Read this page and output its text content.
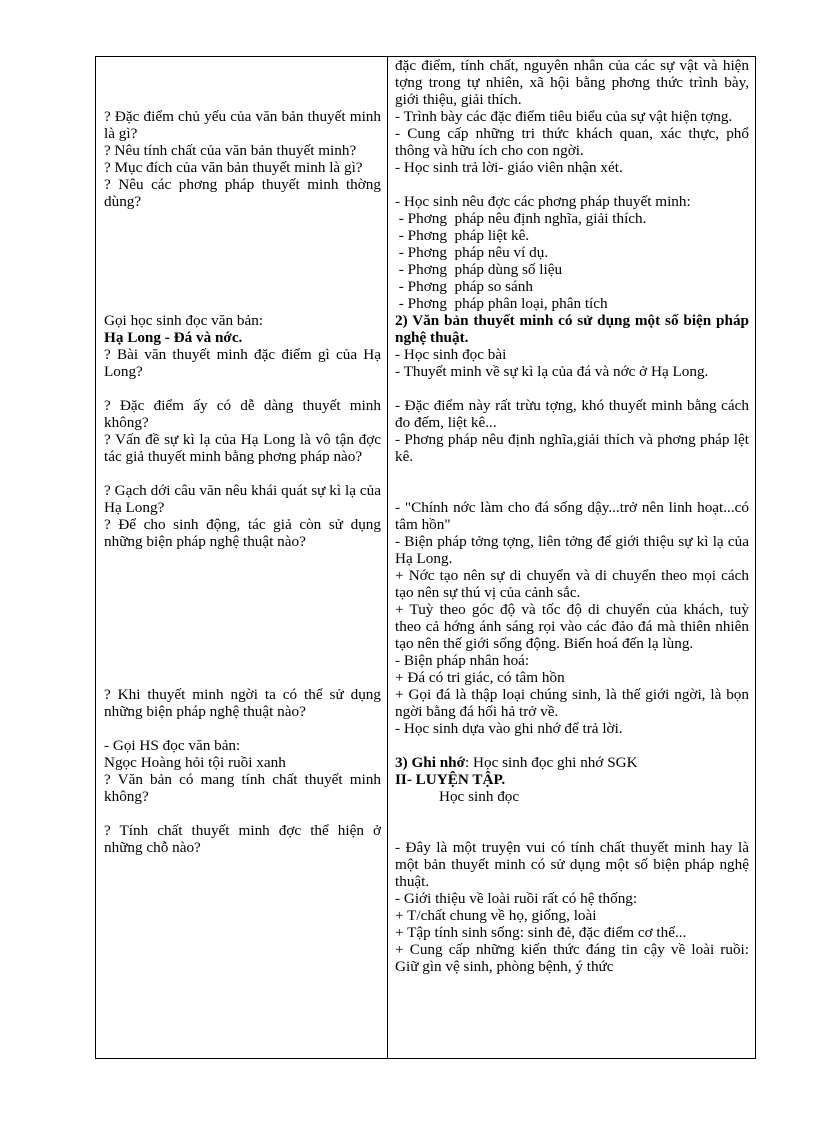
? Đặc điểm chủ yếu của văn bản thuyết minh là gì?
? Nêu tính chất của văn bản thuyết minh?
? Mục đích của văn bản thuyết minh là gì?
? Nêu các phơng pháp thuyết minh thờng dùng?
Gọi học sinh đọc văn bản:
Hạ Long - Đá và nớc.
? Bài văn thuyết minh đặc điểm gì của Hạ Long?
? Đặc điểm ấy có dễ dàng thuyết minh không?
? Vấn đề sự kì lạ của Hạ Long là vô tận đợc tác giả thuyết minh bằng phơng pháp nào?
? Gạch dới câu văn nêu khái quát sự kì lạ của Hạ Long?
? Để cho sinh động, tác giả còn sử dụng những biện pháp nghệ thuật nào?
? Khi thuyết minh ngời ta có thể sử dụng những biện pháp nghệ thuật nào?
- Gọi HS đọc văn bản:
Ngọc Hoàng hỏi tội ruồi xanh
? Văn bản có mang tính chất thuyết minh không?
? Tính chất thuyết minh đợc thể hiện ở những chỗ nào?
đặc điểm, tính chất, nguyên nhân của các sự vật và hiện tợng trong tự nhiên, xã hội bằng phơng thức trình bày, giới thiệu, giải thích.
- Trình bày các đặc điểm tiêu biểu của sự vật hiện tợng.
- Cung cấp những tri thức khách quan, xác thực, phổ thông và hữu ích cho con ngời.
- Học sinh trả lời- giáo viên nhận xét.
- Học sinh nêu đợc các phơng pháp thuyết minh:
- Phơng  pháp nêu định nghĩa, giải thích.
- Phơng  pháp liệt kê.
- Phơng  pháp nêu ví dụ.
- Phơng  pháp dùng số liệu
- Phơng  pháp so sánh
- Phơng  pháp phân loại, phân tích
2) Văn bản thuyết minh có sử dụng một số biện pháp nghệ thuật.
- Học sinh đọc bài
- Thuyết minh về sự kì lạ của đá và nớc ở Hạ Long.
- Đặc điểm này rất trừu tợng, khó thuyết minh bằng cách đo đếm, liệt kê...
- Phơng pháp nêu định nghĩa,giải thích và phơng pháp lệt kê.
- "Chính nớc làm cho đá sống dậy...trở nên linh hoạt...có tâm hồn"
- Biện pháp tởng tợng, liên tởng để giới thiệu sự kì lạ của Hạ Long.
+ Nớc tạo nên sự di chuyển và di chuyển theo mọi cách tạo nên sự thú vị của cảnh sắc.
+ Tuỳ theo góc độ và tốc độ di chuyển của khách, tuỳ theo cả hớng ánh sáng rọi vào các đảo đá mà thiên nhiên tạo nên thế giới sống động. Biến hoá đến lạ lùng.
- Biện pháp nhân hoá:
+ Đá có tri giác, có tâm hồn
+ Gọi đá là thập loại chúng sinh, là thế giới ngời, là bọn ngời bằng đá hối hả trở về.
- Học sinh dựa vào ghi nhớ để trả lời.
3) Ghi nhớ: Học sinh đọc ghi nhớ SGK
II- LUYỆN TẬP.
Học sinh đọc
- Đây là một truyện vui có tính chất thuyết minh hay là một bản thuyết minh có sử dụng một số biện pháp nghệ thuật.
- Giới thiệu về loài ruồi rất có hệ thống:
+ T/chất chung về họ, giống, loài
+ Tập tính sinh sống: sinh đẻ, đặc điểm cơ thể...
+ Cung cấp những kiến thức đáng tin cậy về loài ruồi: Giữ gìn vệ sinh, phòng bệnh, ý thức
